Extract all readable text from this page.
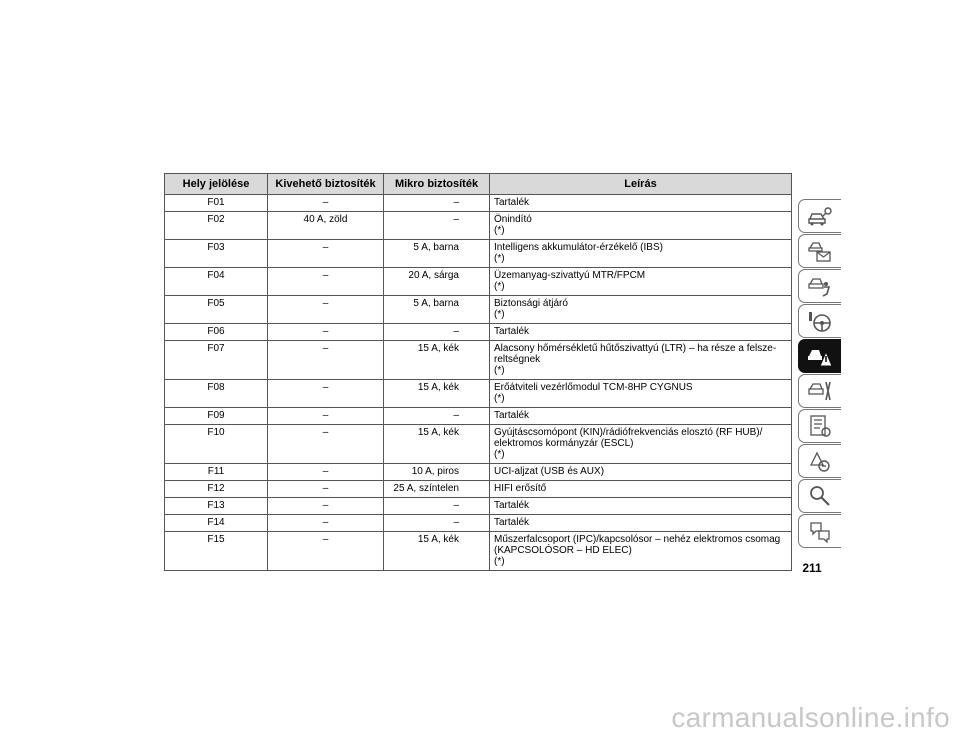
Hely jelölése	Kivehető biztosíték	Mikro biztosíték	Leírás
F01	–	–	Tartalék

F02	40 A, zöld	–	Önindító
(*)

F03	–	5 A, barna	Intelligens akkumulátor-érzékelő (IBS)
(*)

F04	–	20 A, sárga	Üzemanyag-szivattyú MTR/FPCM
(*)

F05	–	5 A, barna	Biztonsági átjáró
(*)

F06	–	–	Tartalék

F07	–	15 A, kék	Alacsony hőmérsékletű hűtőszivattyú (LTR) – ha része a felsze-
reltségnek
(*)

F08	–	15 A, kék	Erőátviteli vezérlőmodul TCM-8HP CYGNUS
(*)

F09	–	–	Tartalék

F10	–	15 A, kék	Gyújtáscsomópont (KIN)/rádiófrekvenciás elosztó (RF HUB)/
elektromos kormányzár (ESCL)
(*)

F11	–	10 A, piros	UCI-aljzat (USB és AUX)

F12	–	25 A, színtelen	HIFI erősítő

F13	–	–	Tartalék

F14	–	–	Tartalék

F15	–	15 A, kék	Műszerfalcsoport (IPC)/kapcsolósor – nehéz elektromos csomag
(KAPCSOLÓSOR – HD ELEC)
(*)	211
carmanualsonline.info
